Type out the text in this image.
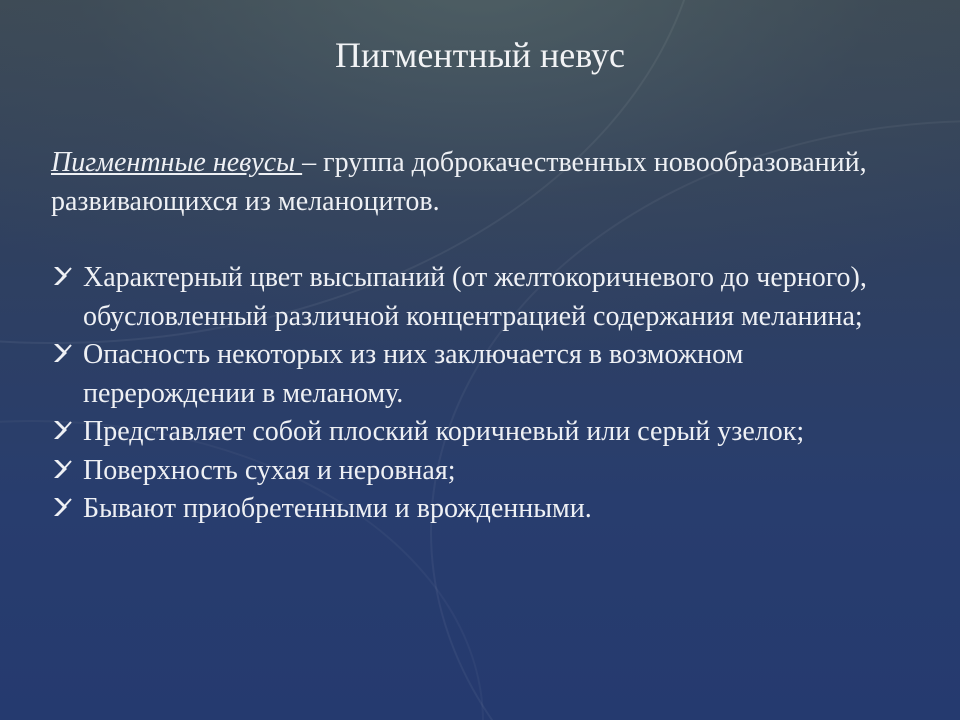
Пигментный невус

Пигментные невусы – группа доброкачественных новообразований, развивающихся из меланоцитов.

Характерный цвет высыпаний (от желтокоричневого до черного), обусловленный различной концентрацией содержания меланина;
Опасность некоторых из них заключается в возможном перерождении в меланому.
Представляет собой плоский коричневый или серый узелок;
Поверхность сухая и неровная;
Бывают приобретенными и врожденными.
